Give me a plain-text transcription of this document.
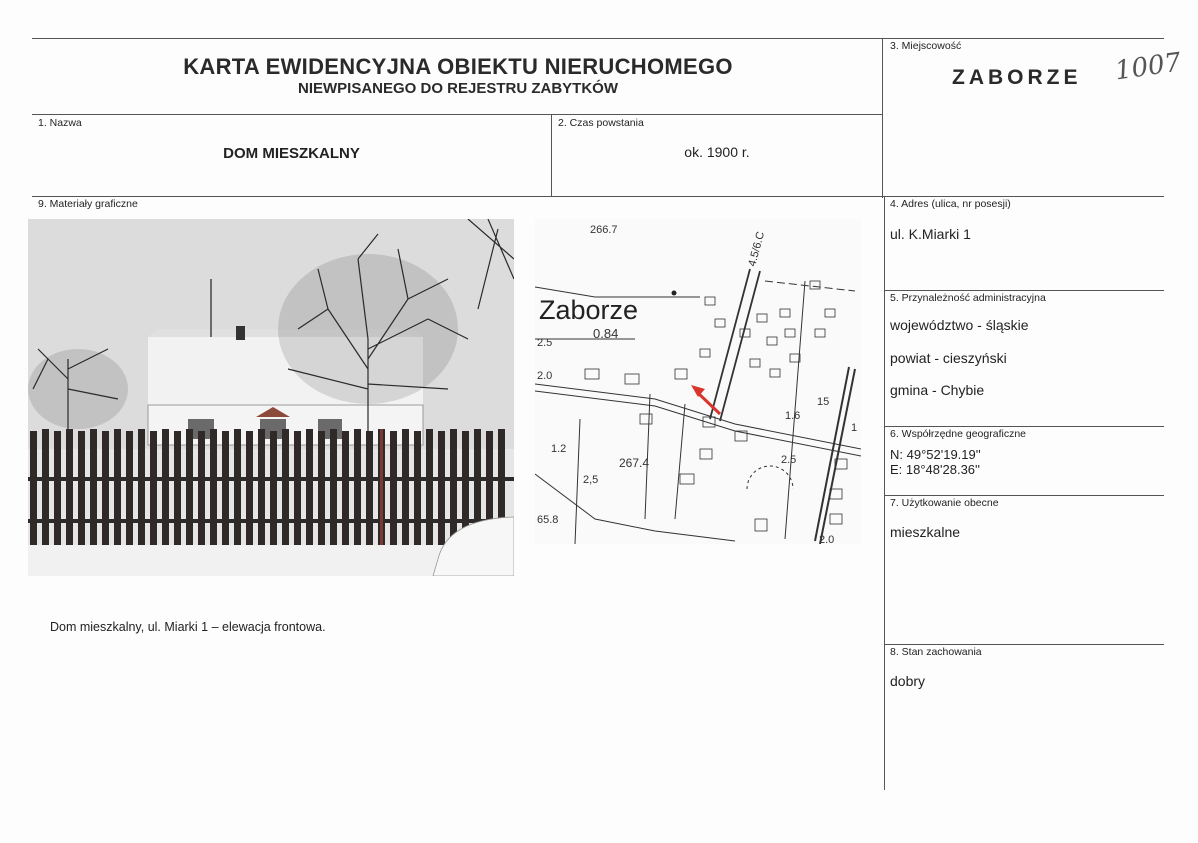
KARTA EWIDENCYJNA OBIEKTU NIERUCHOMEGO
NIEWPISANEGO DO REJESTRU ZABYTKÓW
3. Miejscowość
ZABORZE 1007
1. Nazwa
DOM MIESZKALNY
2. Czas powstania
ok. 1900 r.
9. Materiały graficzne
Zaborze
266.7
4.5/6.C
0.84
2.5
2.0
1.6
15
1
1.2
267.4	2.5
2,5
65.8
2.0
Dom mieszkalny, ul. Miarki 1 – elewacja frontowa.
4. Adres (ulica, nr posesji)
ul. K.Miarki 1
5. Przynależność administracyjna
województwo - śląskie
powiat - cieszyński
gmina - Chybie
6. Współrzędne geograficzne
N: 49°52'19.19''
E: 18°48'28.36''
7. Użytkowanie obecne
mieszkalne
8. Stan zachowania
dobry
